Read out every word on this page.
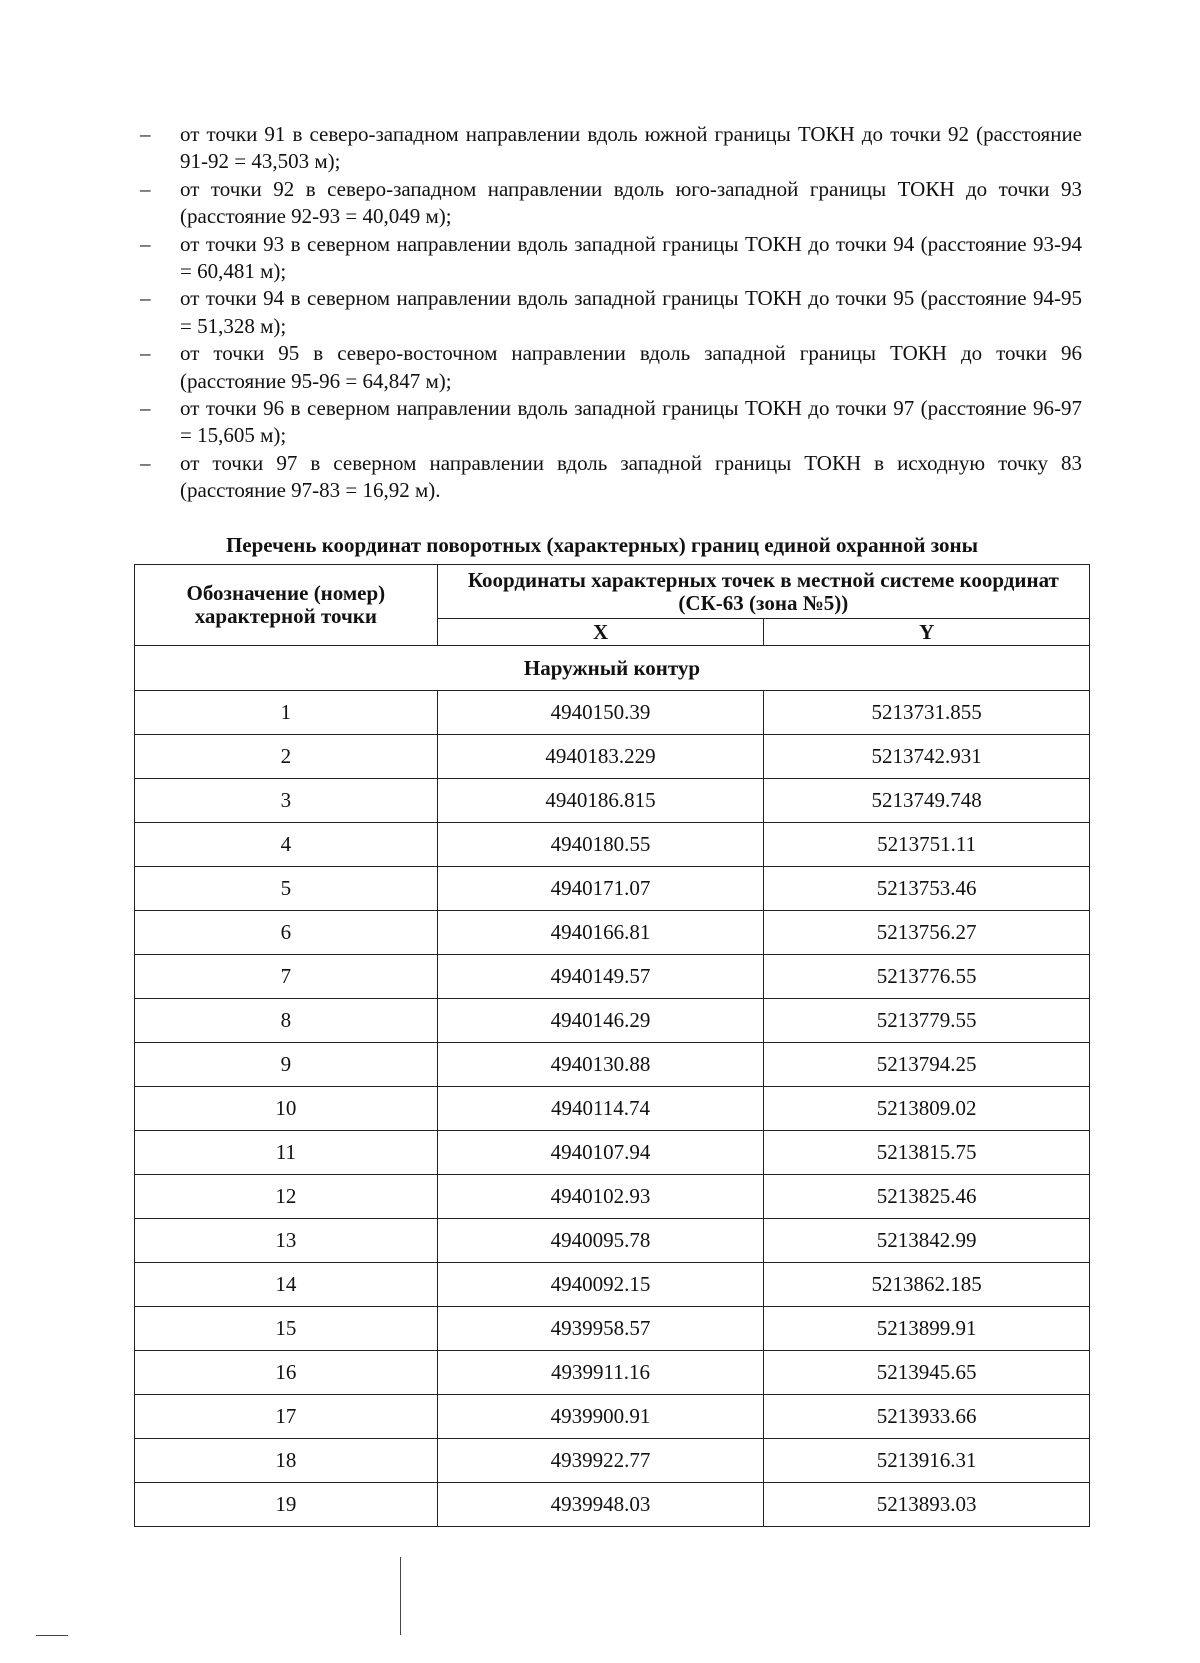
– от точки 91 в северо-западном направлении вдоль южной границы ТОКН до точки 92 (расстояние 91-92 = 43,503 м);
– от точки 92 в северо-западном направлении вдоль юго-западной границы ТОКН до точки 93 (расстояние 92-93 = 40,049 м);
– от точки 93 в северном направлении вдоль западной границы ТОКН до точки 94 (расстояние 93-94 = 60,481 м);
– от точки 94 в северном направлении вдоль западной границы ТОКН до точки 95 (расстояние 94-95 = 51,328 м);
– от точки 95 в северо-восточном направлении вдоль западной границы ТОКН до точки 96 (расстояние 95-96 = 64,847 м);
– от точки 96 в северном направлении вдоль западной границы ТОКН до точки 97 (расстояние 96-97 = 15,605 м);
– от точки 97 в северном направлении вдоль западной границы ТОКН в исходную точку 83 (расстояние 97-83 = 16,92 м).
Перечень координат поворотных (характерных) границ единой охранной зоны
Обозначение (номер) характерной точки	Координаты характерных точек в местной системе координат (СК-63 (зона №5))	
	X	Y
Наружный контур		
1	4940150.39	5213731.855
2	4940183.229	5213742.931
3	4940186.815	5213749.748
4	4940180.55	5213751.11
5	4940171.07	5213753.46
6	4940166.81	5213756.27
7	4940149.57	5213776.55
8	4940146.29	5213779.55
9	4940130.88	5213794.25
10	4940114.74	5213809.02
11	4940107.94	5213815.75
12	4940102.93	5213825.46
13	4940095.78	5213842.99
14	4940092.15	5213862.185
15	4939958.57	5213899.91
16	4939911.16	5213945.65
17	4939900.91	5213933.66
18	4939922.77	5213916.31
19	4939948.03	5213893.03
